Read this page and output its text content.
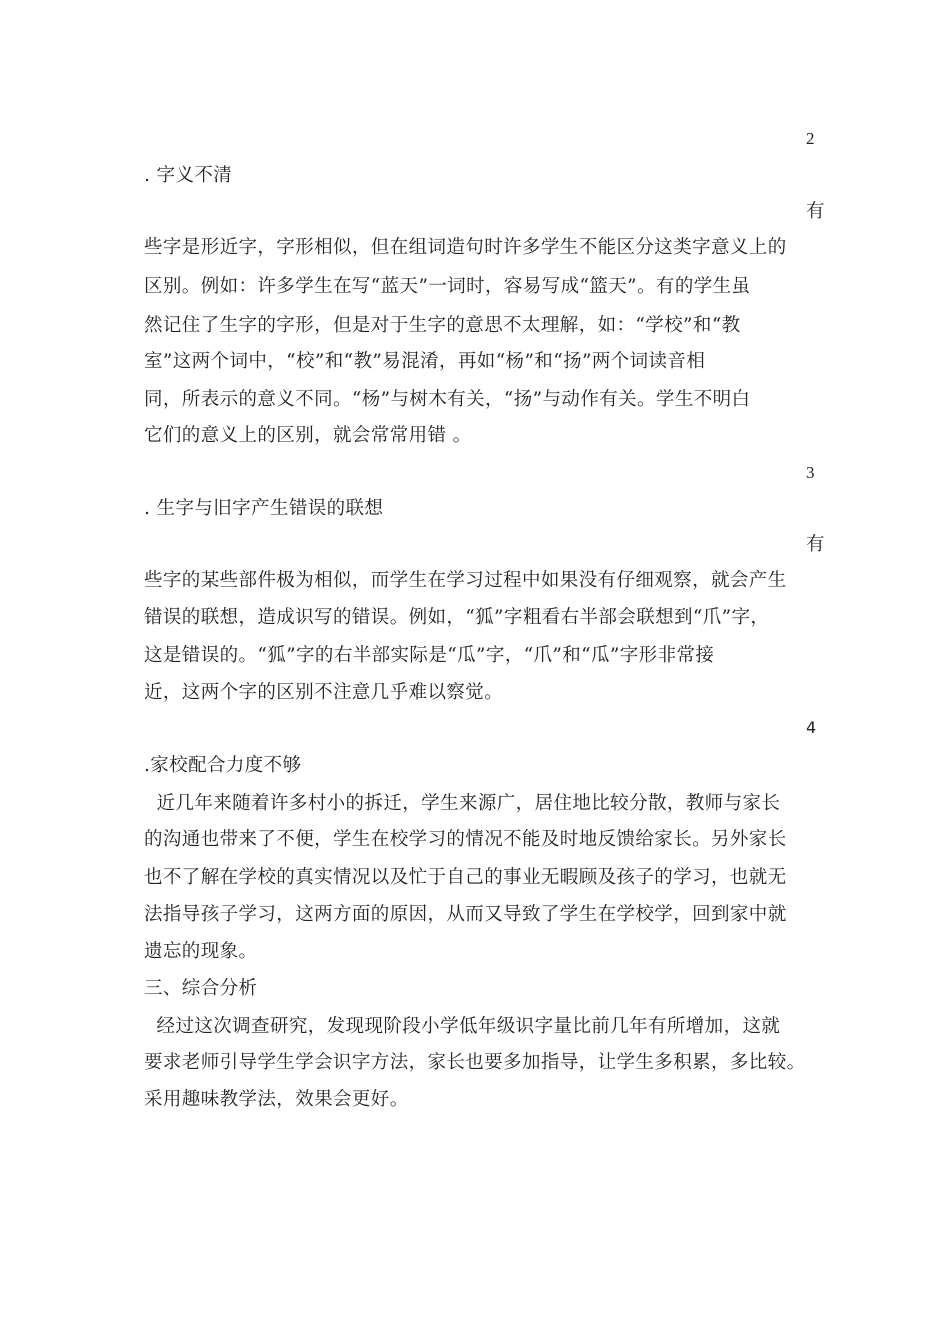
2
. 字义不清
有
些字是形近字，字形相似，但在组词造句时许多学生不能区分这类字意义上的
区别。例如：许多学生在写“蓝天”一词时，容易写成“篮天”。有的学生虽
然记住了生字的字形，但是对于生字的意思不太理解，如：“学校”和“教
室”这两个词中，“校”和“教”易混淆，再如“杨”和“扬”两个词读音相
同，所表示的意义不同。“杨”与树木有关，“扬”与动作有关。学生不明白
它们的意义上的区别，就会常常用错 。
3
. 生字与旧字产生错误的联想
有
些字的某些部件极为相似，而学生在学习过程中如果没有仔细观察，就会产生
错误的联想，造成识写的错误。例如，“狐”字粗看右半部会联想到“爪”字，
这是错误的。“狐”字的右半部实际是“瓜”字，“爪”和“瓜”字形非常接
近，这两个字的区别不注意几乎难以察觉。
4
.家校配合力度不够
近几年来随着许多村小的拆迁，学生来源广，居住地比较分散，教师与家长
的沟通也带来了不便，学生在校学习的情况不能及时地反馈给家长。另外家长
也不了解在学校的真实情况以及忙于自己的事业无暇顾及孩子的学习，也就无
法指导孩子学习，这两方面的原因，从而又导致了学生在学校学，回到家中就
遗忘的现象。
三、综合分析
经过这次调查研究，发现现阶段小学低年级识字量比前几年有所增加，这就
要求老师引导学生学会识字方法，家长也要多加指导，让学生多积累，多比较。
采用趣味教学法，效果会更好。
